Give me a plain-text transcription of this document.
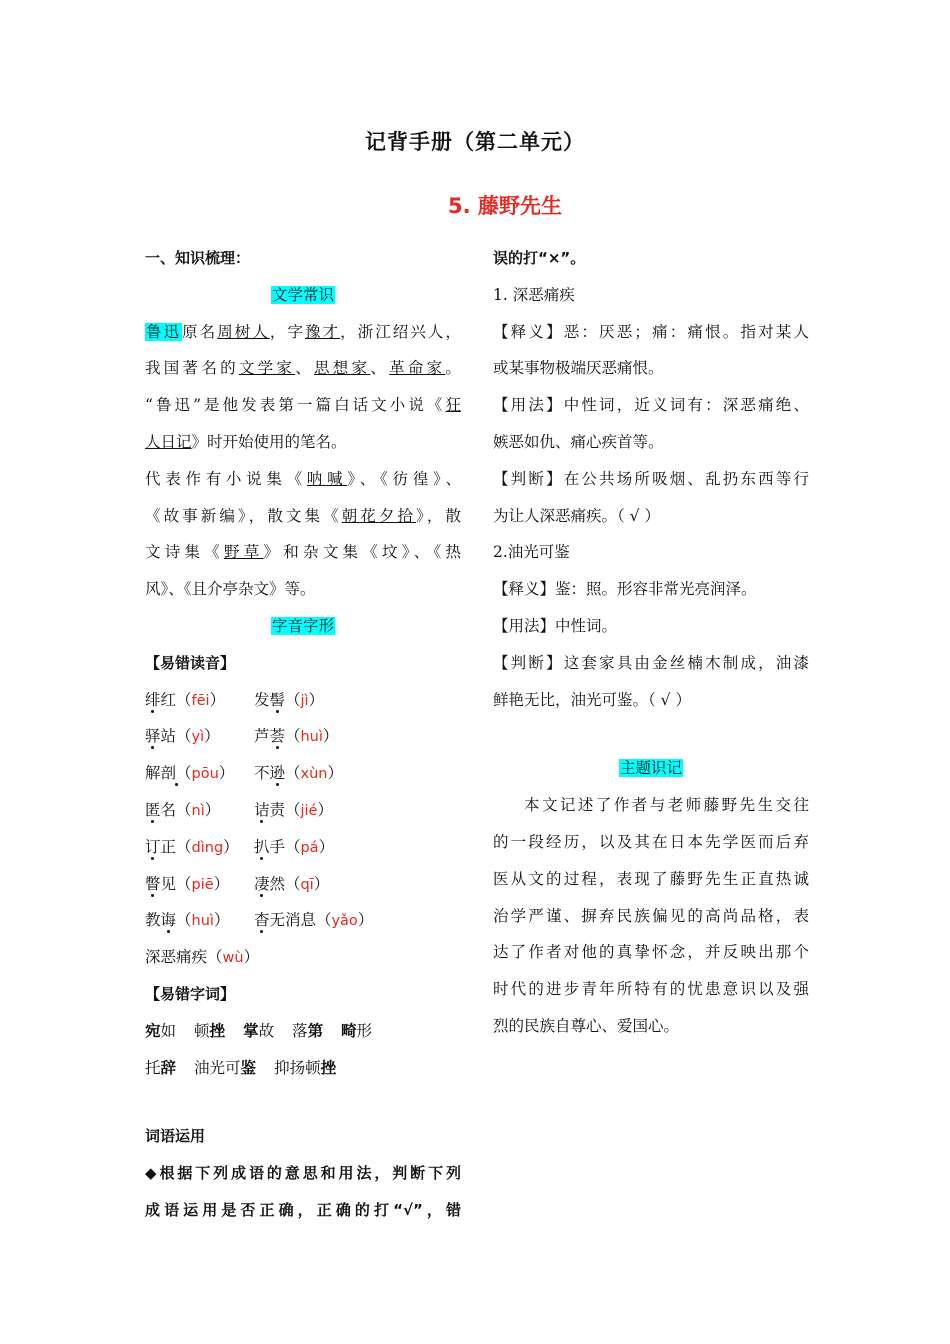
记背手册（第二单元）
5. 藤野先生
一、知识梳理：
文学常识
鲁迅原名周树人，字豫才，浙江绍兴人，
我国著名的文学家、思想家、革命家。
“鲁迅”是他发表第一篇白话文小说《狂
人日记》时开始使用的笔名。
代表作有小说集《呐喊》、《彷徨》、
《故事新编》，散文集《朝花夕拾》，散
文诗集《野草》和杂文集《坟》、《热
风》、《且介亭杂文》等。
字音字形
【易错读音】
绯红（fēi） 发髻（jì）
驿站（yì） 芦荟（huì）
解剖（pōu） 不逊（xùn）
匿名（nì） 诘责（jié）
订正（dìng） 扒手（pá）
瞥见（piē） 凄然（qī）
教诲（huì） 杳无消息（yǎo）
深恶痛疾（wù）
【易错字词】
宛如 顿挫 掌故 落第 畸形
托辞 油光可鉴 抑扬顿挫
词语运用
◆根据下列成语的意思和用法，判断下列
成语运用是否正确，正确的打“√”，错
误的打“×”。
1. 深恶痛疾
【释义】恶：厌恶；痛：痛恨。指对某人
或某事物极端厌恶痛恨。
【用法】中性词，近义词有：深恶痛绝、
嫉恶如仇、痛心疾首等。
【判断】在公共场所吸烟、乱扔东西等行
为让人深恶痛疾。（ √ ）
2.油光可鉴
【释义】鉴：照。形容非常光亮润泽。
【用法】中性词。
【判断】这套家具由金丝楠木制成，油漆
鲜艳无比，油光可鉴。（ √ ）
主题识记
本文记述了作者与老师藤野先生交往
的一段经历，以及其在日本先学医而后弃
医从文的过程，表现了藤野先生正直热诚
治学严谨、摒弃民族偏见的高尚品格，表
达了作者对他的真挚怀念，并反映出那个
时代的进步青年所特有的忧患意识以及强
烈的民族自尊心、爱国心。
